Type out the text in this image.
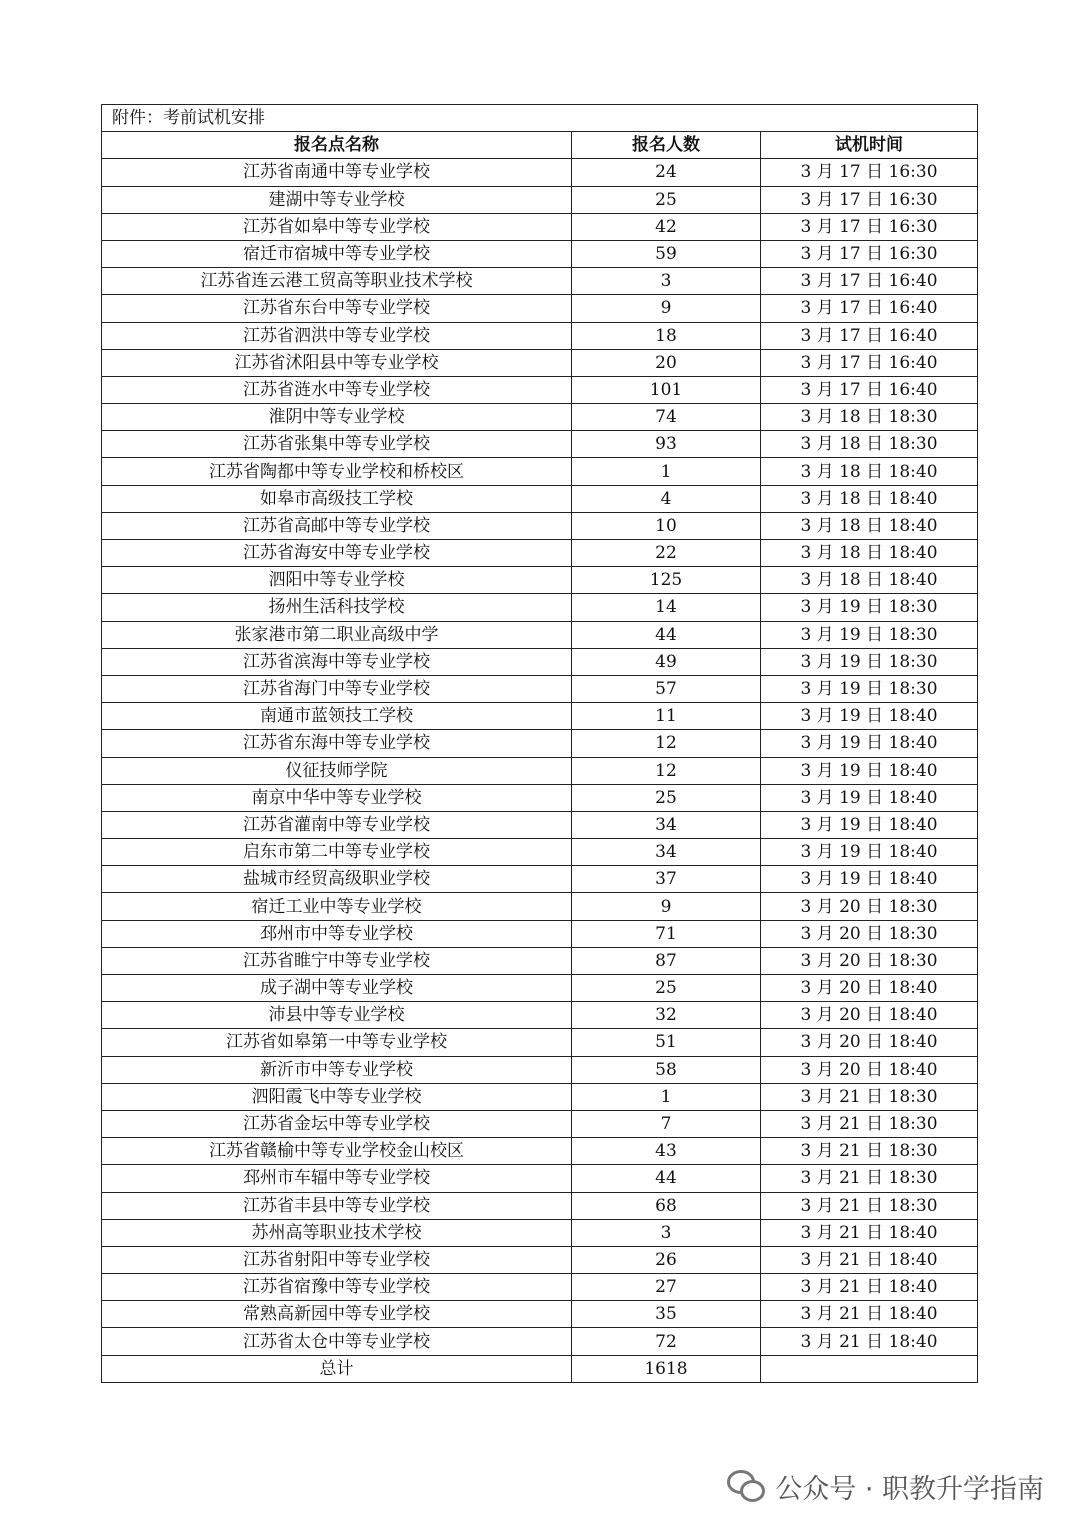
附件：考前试机安排		
报名点名称	报名人数	试机时间
江苏省南通中等专业学校	24	3 月 17 日 16:30
建湖中等专业学校	25	3 月 17 日 16:30
江苏省如皋中等专业学校	42	3 月 17 日 16:30
宿迁市宿城中等专业学校	59	3 月 17 日 16:30
江苏省连云港工贸高等职业技术学校	3	3 月 17 日 16:40
江苏省东台中等专业学校	9	3 月 17 日 16:40
江苏省泗洪中等专业学校	18	3 月 17 日 16:40
江苏省沭阳县中等专业学校	20	3 月 17 日 16:40
江苏省涟水中等专业学校	101	3 月 17 日 16:40
淮阴中等专业学校	74	3 月 18 日 18:30
江苏省张集中等专业学校	93	3 月 18 日 18:30
江苏省陶都中等专业学校和桥校区	1	3 月 18 日 18:40
如皋市高级技工学校	4	3 月 18 日 18:40
江苏省高邮中等专业学校	10	3 月 18 日 18:40
江苏省海安中等专业学校	22	3 月 18 日 18:40
泗阳中等专业学校	125	3 月 18 日 18:40
扬州生活科技学校	14	3 月 19 日 18:30
张家港市第二职业高级中学	44	3 月 19 日 18:30
江苏省滨海中等专业学校	49	3 月 19 日 18:30
江苏省海门中等专业学校	57	3 月 19 日 18:30
南通市蓝领技工学校	11	3 月 19 日 18:40
江苏省东海中等专业学校	12	3 月 19 日 18:40
仪征技师学院	12	3 月 19 日 18:40
南京中华中等专业学校	25	3 月 19 日 18:40
江苏省灌南中等专业学校	34	3 月 19 日 18:40
启东市第二中等专业学校	34	3 月 19 日 18:40
盐城市经贸高级职业学校	37	3 月 19 日 18:40
宿迁工业中等专业学校	9	3 月 20 日 18:30
邳州市中等专业学校	71	3 月 20 日 18:30
江苏省睢宁中等专业学校	87	3 月 20 日 18:30
成子湖中等专业学校	25	3 月 20 日 18:40
沛县中等专业学校	32	3 月 20 日 18:40
江苏省如皋第一中等专业学校	51	3 月 20 日 18:40
新沂市中等专业学校	58	3 月 20 日 18:40
泗阳霞飞中等专业学校	1	3 月 21 日 18:30
江苏省金坛中等专业学校	7	3 月 21 日 18:30
江苏省赣榆中等专业学校金山校区	43	3 月 21 日 18:30
邳州市车辐中等专业学校	44	3 月 21 日 18:30
江苏省丰县中等专业学校	68	3 月 21 日 18:30
苏州高等职业技术学校	3	3 月 21 日 18:40
江苏省射阳中等专业学校	26	3 月 21 日 18:40
江苏省宿豫中等专业学校	27	3 月 21 日 18:40
常熟高新园中等专业学校	35	3 月 21 日 18:40
江苏省太仓中等专业学校	72	3 月 21 日 18:40
总计	1618	
公众号 · 职教升学指南
